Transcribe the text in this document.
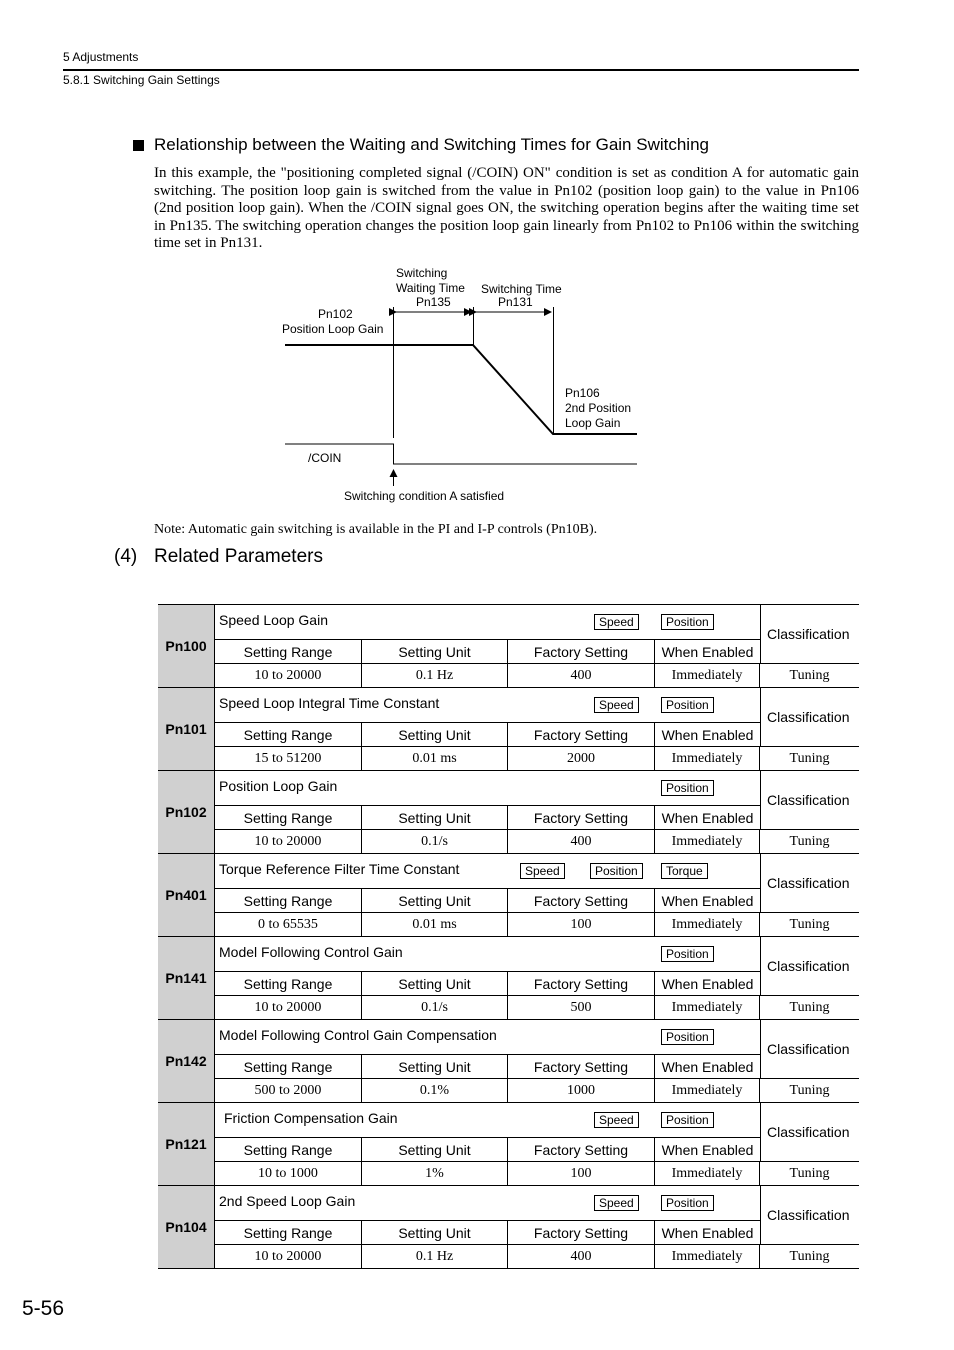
5 Adjustments
5.8.1 Switching Gain Settings
Relationship between the Waiting and Switching Times for Gain Switching
In this example, the "positioning completed signal (/COIN) ON" condition is set as condition A for automatic gain switching. The position loop gain is switched from the value in Pn102 (position loop gain) to the value in Pn106 (2nd position loop gain). When the /COIN signal goes ON, the switching operation begins after the waiting time set in Pn135. The switching operation changes the position loop gain linearly from Pn102 to Pn106 within the switching time set in Pn131.
Switching
Waiting Time
Pn135
Switching Time
Pn131
Pn102
Position Loop Gain
Pn106
2nd Position
Loop Gain
/COIN
Switching condition A satisfied
Note: Automatic gain switching is available in the PI and I-P controls (Pn10B).
(4) Related Parameters
Pn100
Speed Loop Gain	Speed	Position
Classification
Setting Range	Setting Unit	Factory Setting	When Enabled
10 to 20000	0.1 Hz	400	Immediately	Tuning
Pn101
Speed Loop Integral Time Constant	Speed	Position
Classification
Setting Range	Setting Unit	Factory Setting	When Enabled
15 to 51200	0.01 ms	2000	Immediately	Tuning
Pn102
Position Loop Gain	Position
Classification
Setting Range	Setting Unit	Factory Setting	When Enabled
10 to 20000	0.1/s	400	Immediately	Tuning
Pn401
Torque Reference Filter Time Constant	Speed	Position	Torque
Classification
Setting Range	Setting Unit	Factory Setting	When Enabled
0 to 65535	0.01 ms	100	Immediately	Tuning
Pn141
Model Following Control Gain	Position
Classification
Setting Range	Setting Unit	Factory Setting	When Enabled
10 to 20000	0.1/s	500	Immediately	Tuning
Pn142
Model Following Control Gain Compensation	Position
Classification
Setting Range	Setting Unit	Factory Setting	When Enabled
500 to 2000	0.1%	1000	Immediately	Tuning
Pn121
Friction Compensation Gain	Speed	Position
Classification
Setting Range	Setting Unit	Factory Setting	When Enabled
10 to 1000	1%	100	Immediately	Tuning
Pn104
2nd Speed Loop Gain	Speed	Position
Classification
Setting Range	Setting Unit	Factory Setting	When Enabled
10 to 20000	0.1 Hz	400	Immediately	Tuning
5-56
